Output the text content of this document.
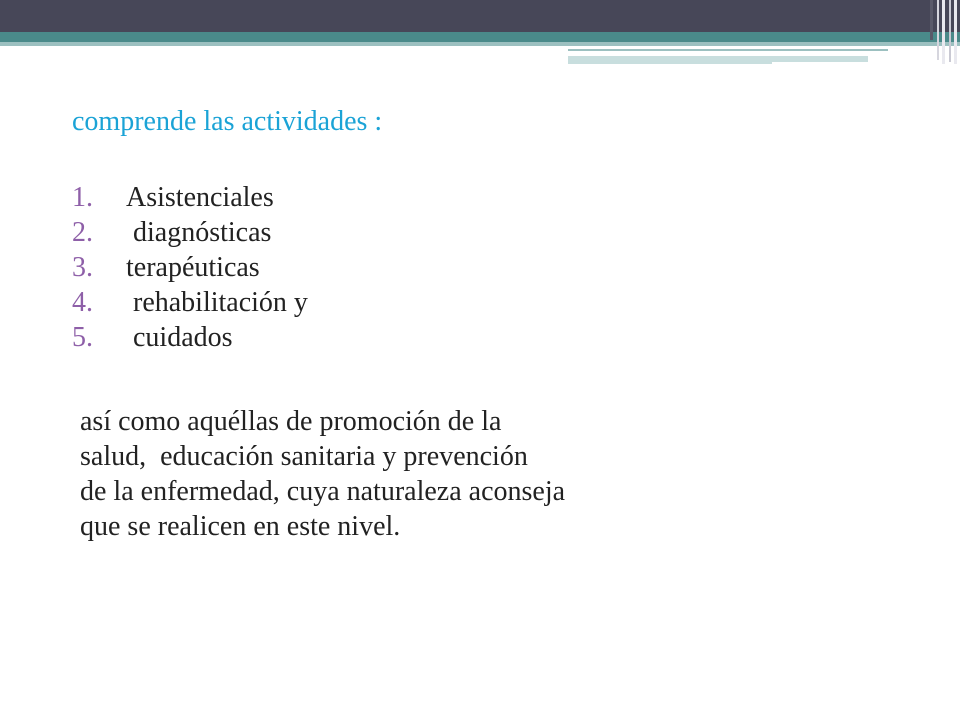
comprende las actividades :
1. Asistenciales
2. diagnósticas
3. terapéuticas
4. rehabilitación y
5. cuidados

así como aquéllas de promoción de la
salud,  educación sanitaria y prevención
de la enfermedad, cuya naturaleza aconseja
que se realicen en este nivel.
